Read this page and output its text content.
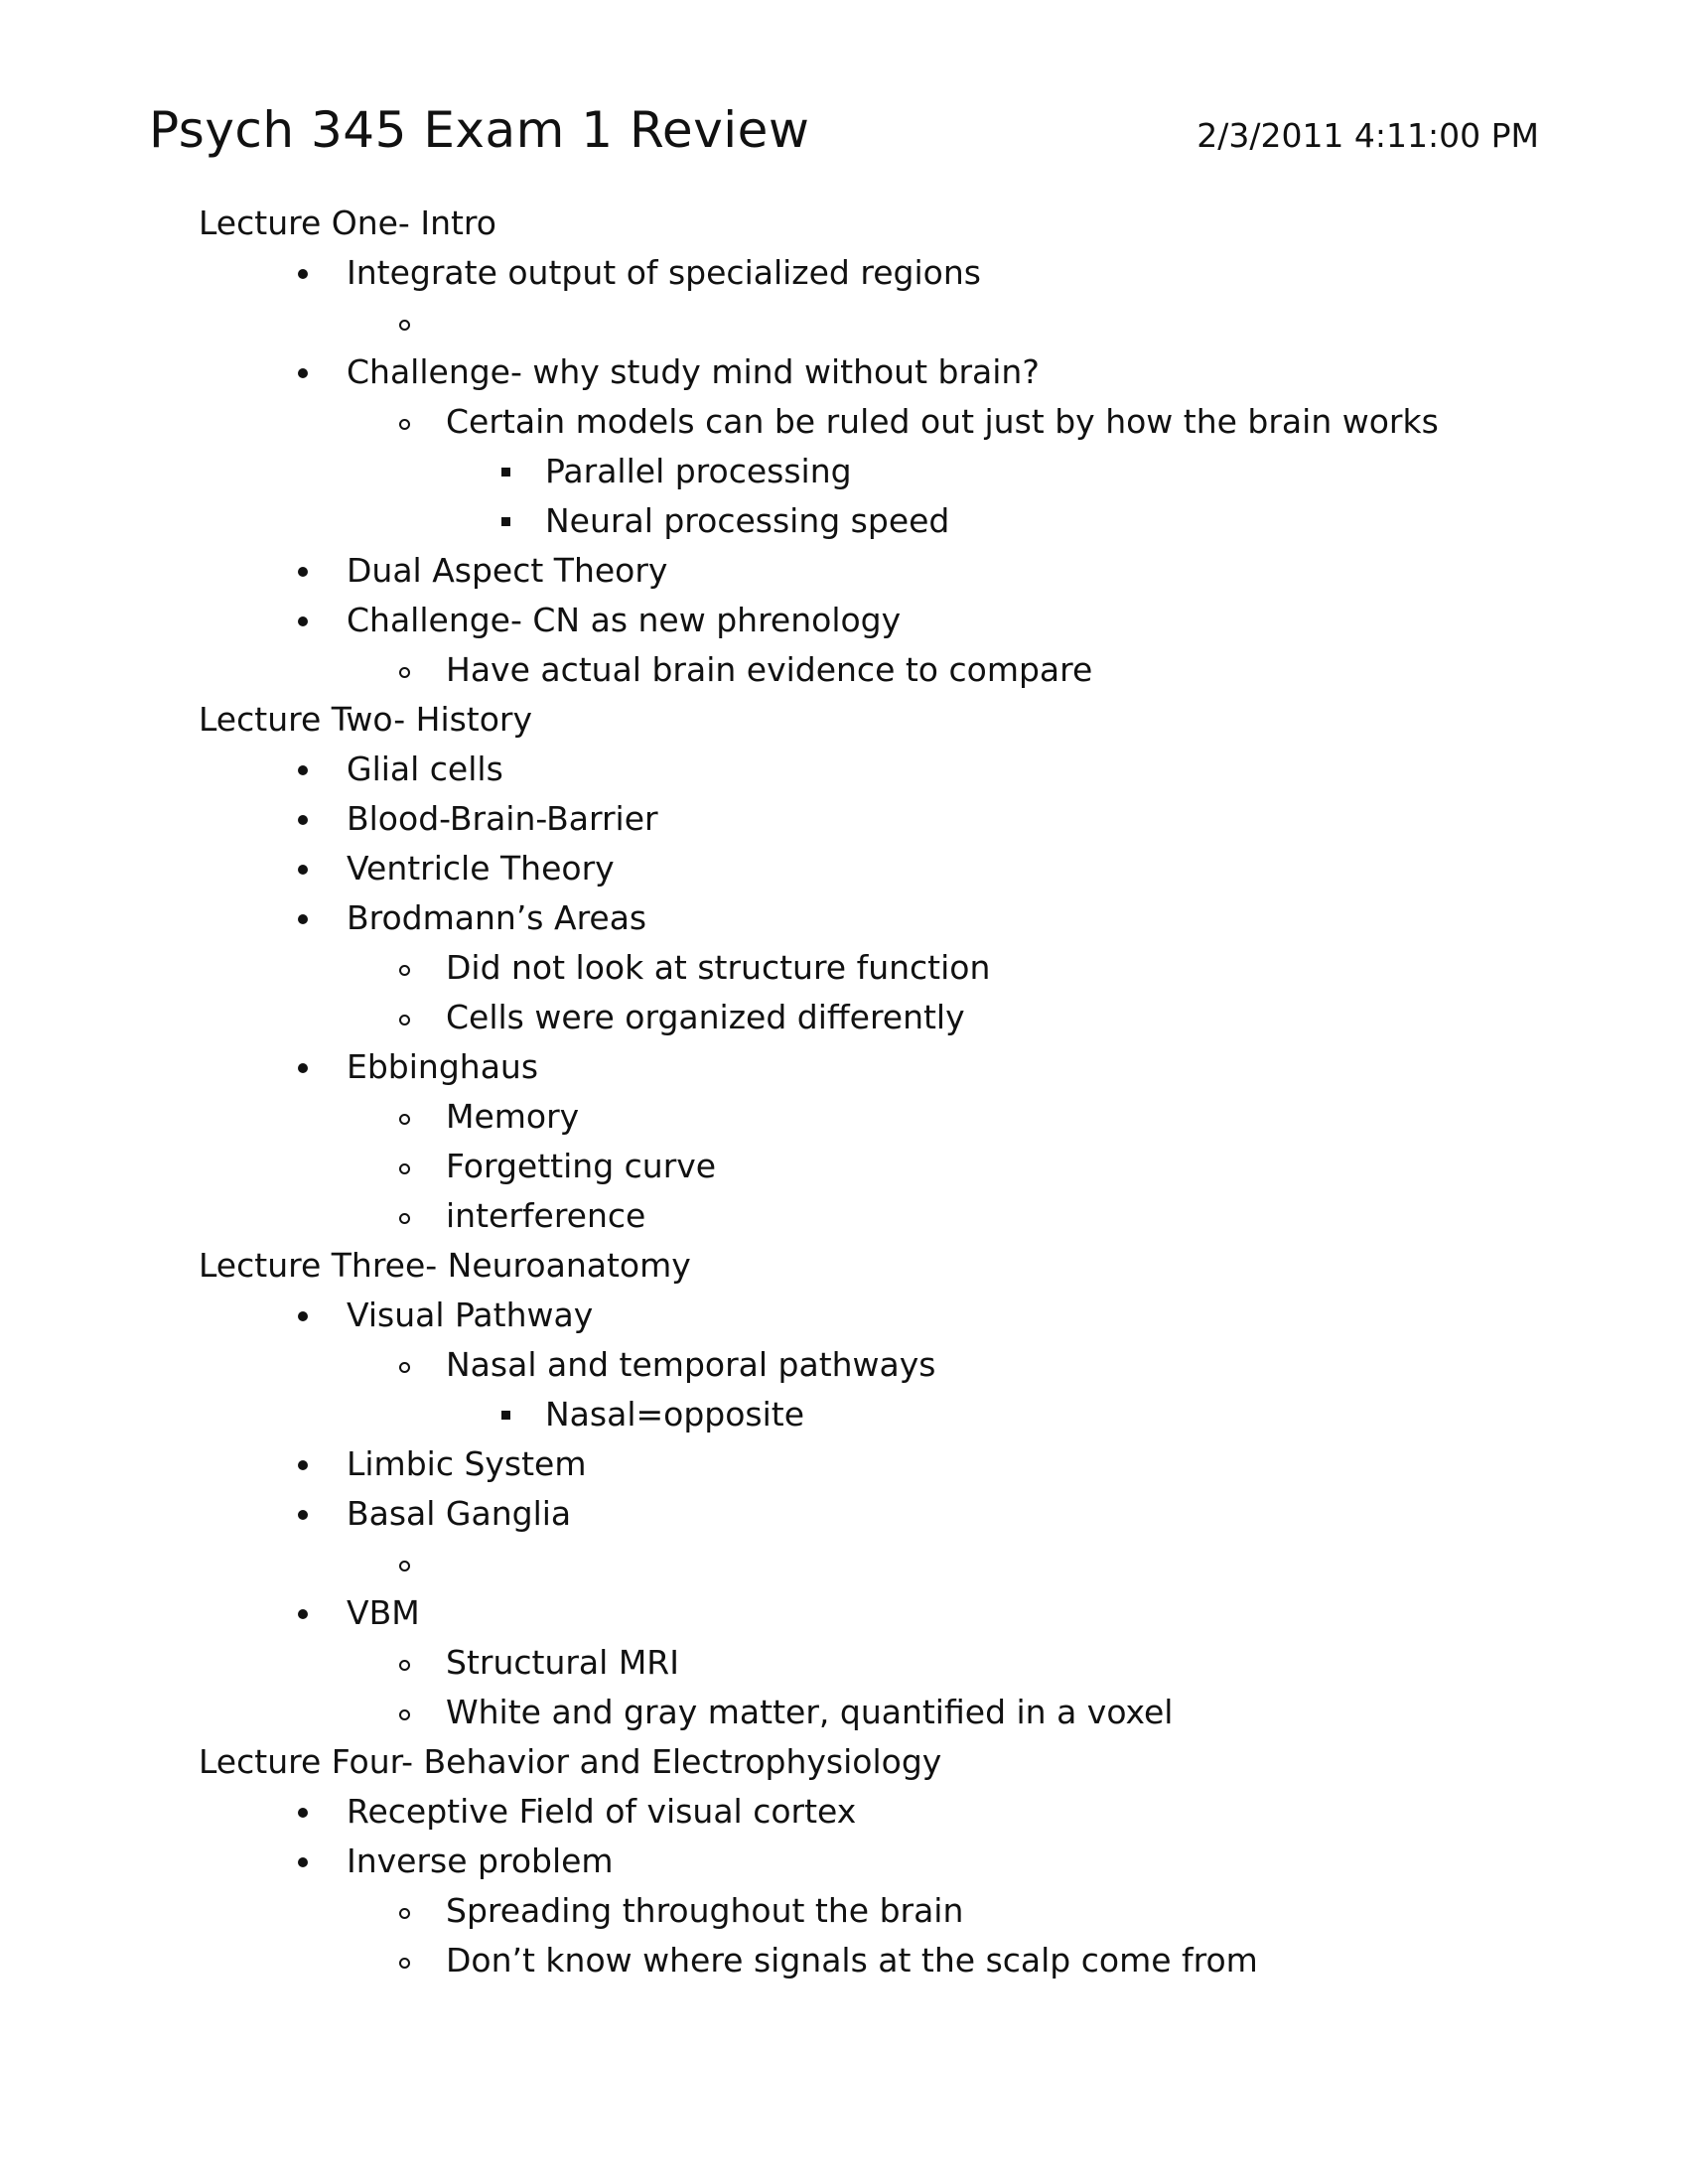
Psych 345 Exam 1 Review	2/3/2011 4:11:00 PM
Lecture One- Intro
Integrate output of specialized regions
Challenge- why study mind without brain?
Certain models can be ruled out just by how the brain works
Parallel processing
Neural processing speed
Dual Aspect Theory
Challenge- CN as new phrenology
Have actual brain evidence to compare
Lecture Two- History
Glial cells
Blood-Brain-Barrier
Ventricle Theory
Brodmann’s Areas
Did not look at structure function
Cells were organized differently
Ebbinghaus
Memory
Forgetting curve
interference
Lecture Three- Neuroanatomy
Visual Pathway
Nasal and temporal pathways
Nasal=opposite
Limbic System
Basal Ganglia
VBM
Structural MRI
White and gray matter, quantified in a voxel
Lecture Four- Behavior and Electrophysiology
Receptive Field of visual cortex
Inverse problem
Spreading throughout the brain
Don’t know where signals at the scalp come from
